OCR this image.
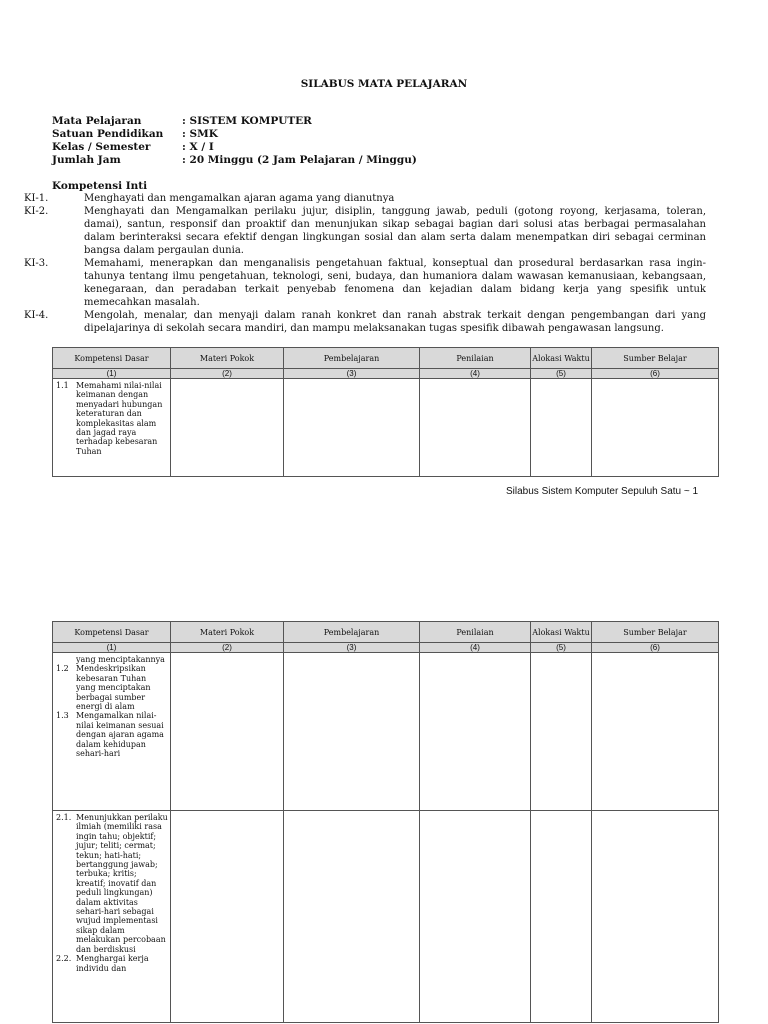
SILABUS MATA PELAJARAN
Mata Pelajaran	: SISTEM KOMPUTER
Satuan Pendidikan	: SMK
Kelas / Semester	: X / I
Jumlah Jam	: 20 Minggu (2 Jam Pelajaran / Minggu)
Kompetensi Inti
KI-1.	Menghayati dan mengamalkan ajaran agama yang dianutnya
KI-2.	Menghayati dan Mengamalkan perilaku jujur, disiplin, tanggung jawab, peduli (gotong royong, kerjasama, toleran, damai), santun, responsif dan proaktif dan menunjukan sikap sebagai bagian dari solusi atas berbagai permasalahan dalam berinteraksi secara efektif dengan lingkungan sosial dan alam serta dalam menempatkan diri sebagai cerminan bangsa dalam pergaulan dunia.
KI-3.	Memahami, menerapkan dan menganalisis pengetahuan faktual, konseptual dan prosedural berdasarkan rasa ingin-tahunya tentang ilmu pengetahuan, teknologi, seni, budaya, dan humaniora dalam wawasan kemanusiaan, kebangsaan, kenegaraan, dan peradaban terkait penyebab fenomena dan kejadian dalam bidang kerja yang spesifik untuk memecahkan masalah.
KI-4.	Mengolah, menalar, dan menyaji dalam ranah konkret dan ranah abstrak terkait dengan pengembangan dari yang dipelajarinya di sekolah secara mandiri, dan mampu melaksanakan tugas spesifik dibawah pengawasan langsung.
Kompetensi Dasar	Materi Pokok	Pembelajaran	Penilaian	Alokasi Waktu	Sumber Belajar
(1)	(2)	(3)	(4)	(5)	(6)

1.1 Memahami nilai-nilai keimanan dengan menyadari hubungan keteraturan dan komplekasitas alam dan jagad raya terhadap kebesaran Tuhan					

Silabus Sistem Komputer Sepuluh Satu ~ 1
Kompetensi Dasar	Materi Pokok	Pembelajaran	Penilaian	Alokasi Waktu	Sumber Belajar
(1)	(2)	(3)	(4)	(5)	(6)

yang menciptakannya
1.2 Mendeskripsikan kebesaran Tuhan yang menciptakan berbagai sumber energi di alam
1.3 Mengamalkan nilai-nilai keimanan sesuai dengan ajaran agama dalam kehidupan sehari-hari					

2.1. Menunjukkan perilaku ilmiah (memiliki rasa ingin tahu; objektif; jujur; teliti; cermat; tekun; hati-hati; bertanggung jawab; terbuka; kritis; kreatif; inovatif dan peduli lingkungan) dalam aktivitas sehari-hari sebagai wujud implementasi sikap dalam melakukan percobaan dan berdiskusi
2.2. Menghargai kerja individu dan					
